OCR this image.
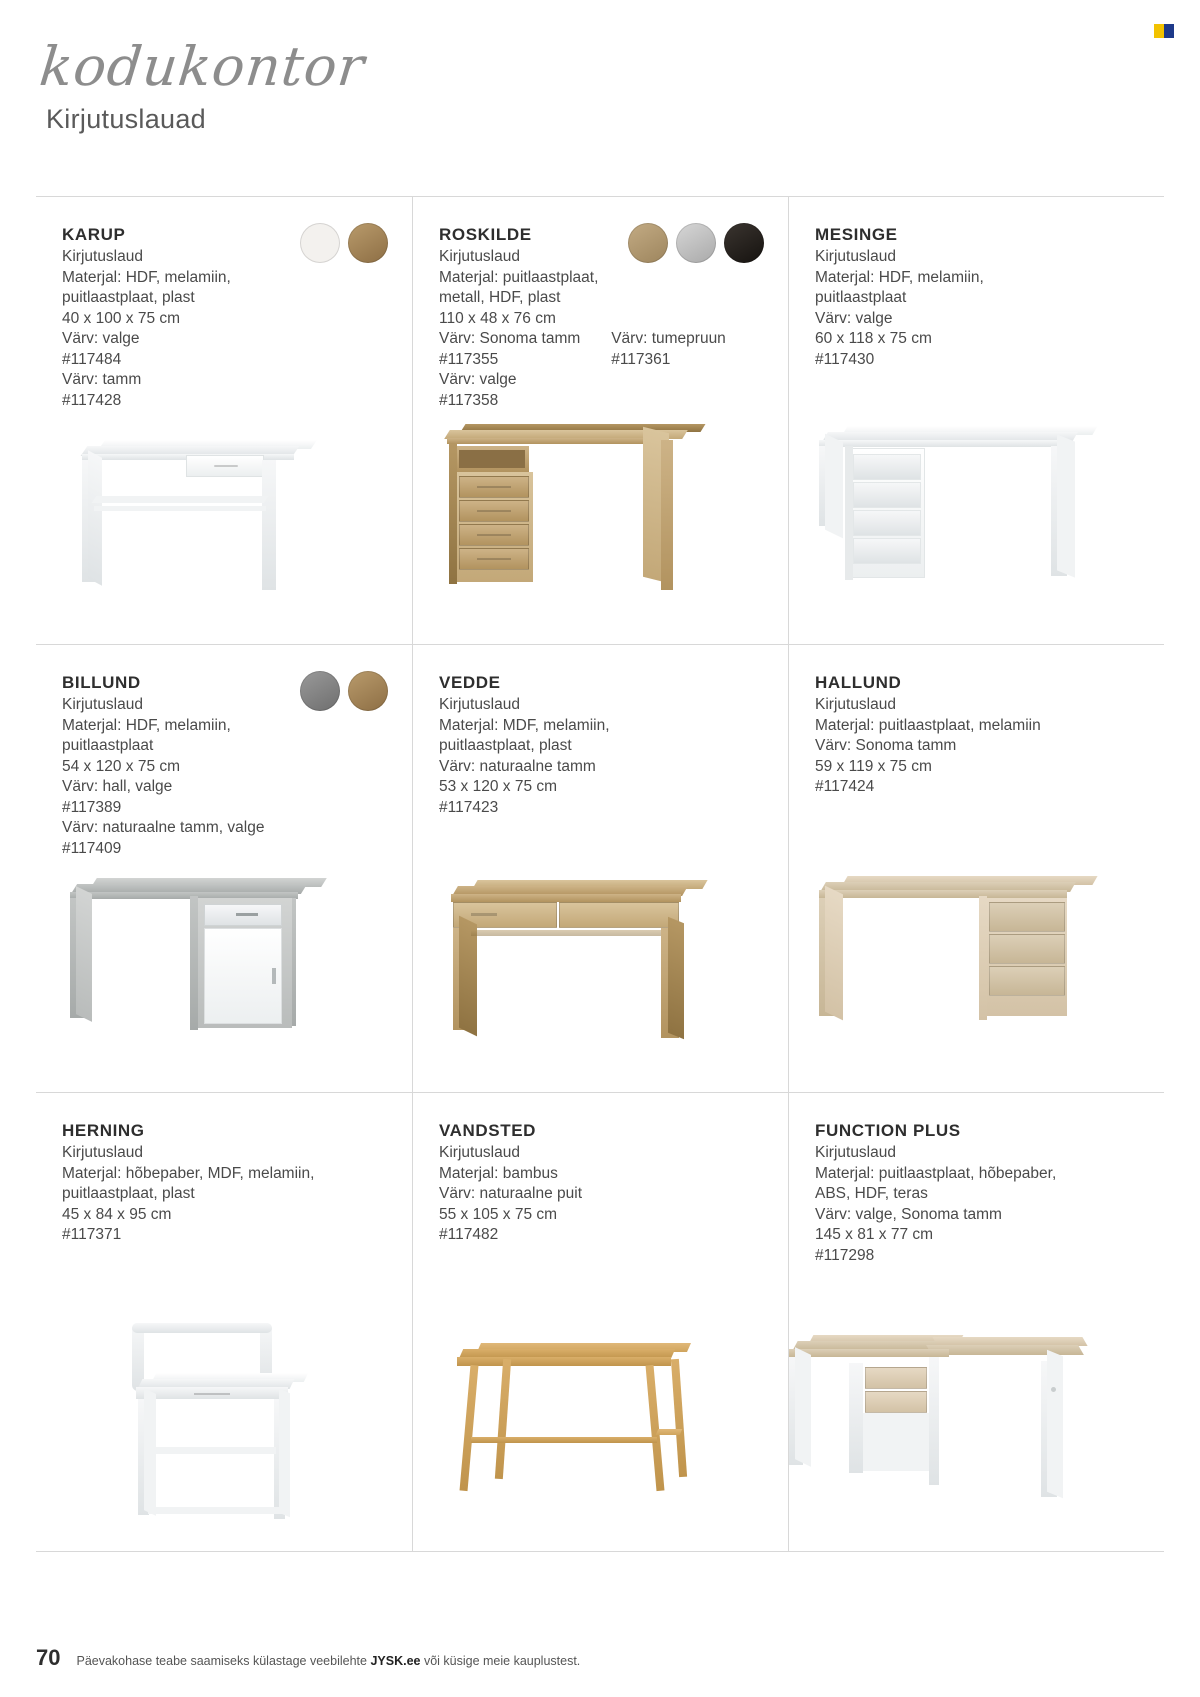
kodukontor
Kirjutuslauad
KARUP
Kirjutuslaud
Materjal: HDF, melamiin,
puitlaastplaat, plast
40 x 100 x 75 cm
Värv: valge
#117484
Värv: tamm
#117428
ROSKILDE
Kirjutuslaud
Materjal: puitlaastplaat,
metall, HDF, plast
110 x 48 x 76 cm
Värv: Sonoma tamm
#117355
Värv: valge
#117358
Värv: tumepruun
#117361
MESINGE
Kirjutuslaud
Materjal: HDF, melamiin,
puitlaastplaat
Värv: valge
60 x 118 x 75 cm
#117430
BILLUND
Kirjutuslaud
Materjal: HDF, melamiin,
puitlaastplaat
54 x 120 x 75 cm
Värv: hall, valge
#117389
Värv: naturaalne tamm, valge
#117409
VEDDE
Kirjutuslaud
Materjal: MDF, melamiin,
puitlaastplaat, plast
Värv: naturaalne tamm
53 x 120 x 75 cm
#117423
HALLUND
Kirjutuslaud
Materjal: puitlaastplaat, melamiin
Värv: Sonoma tamm
59 x 119 x 75 cm
#117424
HERNING
Kirjutuslaud
Materjal: hõbepaber, MDF, melamiin,
puitlaastplaat, plast
45 x 84 x 95 cm
#117371
VANDSTED
Kirjutuslaud
Materjal: bambus
Värv: naturaalne puit
55 x 105 x 75 cm
#117482
FUNCTION PLUS
Kirjutuslaud
Materjal: puitlaastplaat, hõbepaber,
ABS, HDF, teras
Värv: valge, Sonoma tamm
145 x 81 x 77 cm
#117298
70 Päevakohase teabe saamiseks külastage veebilehte JYSK.ee või küsige meie kauplustest.
